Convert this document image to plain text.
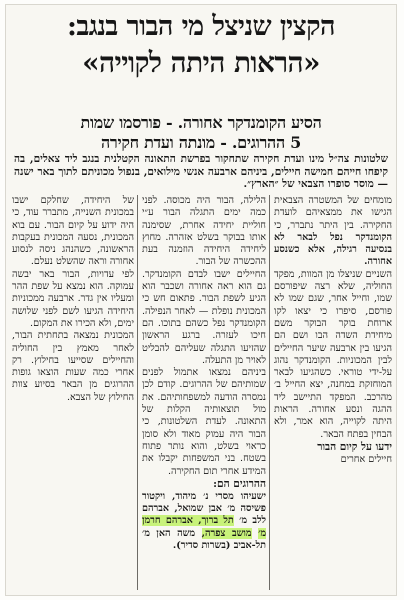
הקצין שניצל מי הבור בנגב:
«הראות היתה לקוייה»
הסיע הקומנדקר אחורה. - פורסמו שמות
5 ההרוגים. - מונתה ועדת חקירה
שלטונות צה״ל מינו ועדת חקירה שתחקור בפרשת התאונה הקטלנית בנגב ליד צאלים, בה קיפחו חייהם חמישה חיילים, ביניהם ארבעה אנשי מילואים, בנפול מכוניתם לתוך באר ישנה — מוסר סופרו הצבאי של ״הארץ״.

מומחים של המשטרה הצבאית הגישו את ממצאיהם לועדת החקירה. בין היתר נתברר, כי הקומנדקר נפל לבאר לא בנסיעה רגילה, אלא כשנסע אחורה.

השניים שניצלו מן המוות, מפקד החוליה, שלא רצה שיפורסם שמו, וחייל אחר, שגם שמו לא פורסם, סיפרו כי יצאו לקו ארוחת בוקר הבוקר משם מיחידת השדה הבו ושם הם הגיעו בין ארבעה שיער החיילים לבין המכוניות. הקומנדקר נהוג על-ידי טוראי. כשהגיעו לבאר המוחזקת במחנה, יצא החייל ב׳ מהרכב. המפקד התיישב ליד ההגה ונסע אחורה. הראות היתה לקוייה, הוא אמר, ולא הבחין בפתח הבאר.

ידעו על קיום הבור

חיילים אחרים

הלילה, הבור היה מכוסה. לפני כמה ימים התגלה הבור ע״י חוליית יחידה אחרת, שסימנה אותו בבוקר בשלט אזהרה. מחוץ ליחידה היחידה הוזמנה בעת ההכשרה של הבור.

החיילים ישבו לבדם הקומנדקר. גם הוא ראה אחורה ושכבר הוא הגיע לשפת הבור. פתאום חש כי המכונית נופלת — לאחר הנפילה. הקומנדקר נפל כשהם בתוכו. הם חיכו לעזרה. ברגע הראשון שהזיעו התגלה שעליהם להבליט לאויר מן התעלה.

ביניהם נמצאו אתמול לפנים שמותיהם של ההרוגים. קודם לכן נמסרה הודעה למשפחותיהם. את מול תוצאותיה הקלות של התאונה. לעדת השלטונות, כי הבור היה עמוק מאוד ולא סומן כראוי בשלט, והוא נותר פתוח בשטח. בני המשפחות יקבלו את המידע אחרי תום החקירה.

ההרוגים הם:

ישעיהו מסרי נ׳ מיהוד, ויקטור פשיסה מ׳ אבן שמואל, אברהם ללב מ׳ תל ברוך, אברהם חרמן מ׳ מושב צפרה, משה האן מ׳ תל-אביב (בשרות סדיר).

של היחידה, שחלקם ישבו במכונית השנייה, מתברר עוד, כי היה ידוע על קיום הבור. עם בוא המכונית, נסעה המכונית בעקבות הראשונה, כשהנהג ניסה לנסוע אחורה וראה שהשלט נעלם.

לפי עדויות, הבור באר יבשה עמוקה. הוא נמצא על שפת ההר ומעליו אין גדר. ארבעה ממכוניות היחידה הגיעו לשם לפני שלושה ימים, ולא הכירו את המקום.

המכונית נמצאה בתחתית הבור, לאחר מאמץ בין החוליה והחיילים שסייעו בחילוץ. רק אחרי כמה שעות הוצאו גופות ההרוגים מן הבאר בסיוע צוות החילוץ של הצבא.
